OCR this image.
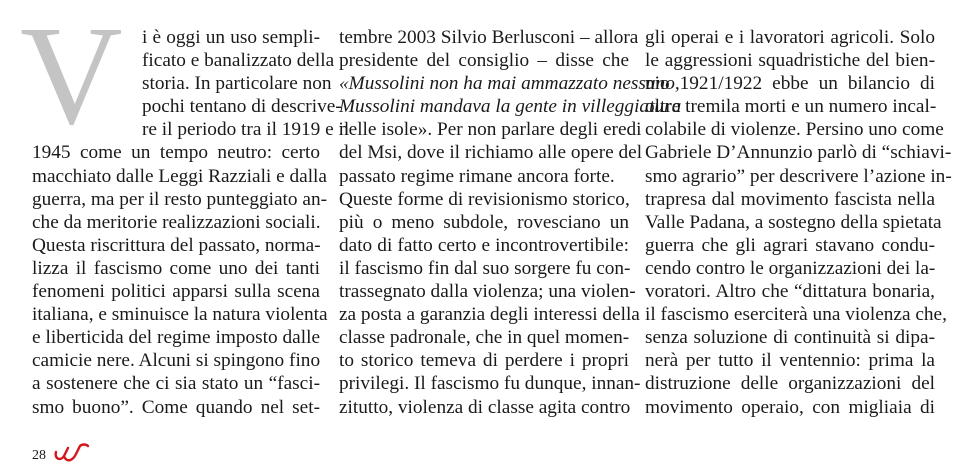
V	i è oggi un uso sempli-
ficato e banalizzato della
storia. In particolare non
pochi tentano di descrive-
re il periodo tra il 1919 e il
1945 come un tempo neutro: certo
macchiato dalle Leggi Razziali e dalla
guerra, ma per il resto punteggiato an-
che da meritorie realizzazioni sociali.
Questa riscrittura del passato, norma-
lizza il fascismo come uno dei tanti
fenomeni politici apparsi sulla scena
italiana, e sminuisce la natura violenta
e liberticida del regime imposto dalle
camicie nere. Alcuni si spingono fino
a sostenere che ci sia stato un “fasci-
smo buono”. Come quando nel set-
tembre 2003 Silvio Berlusconi – allora
presidente del consiglio – disse che
«Mussolini non ha mai ammazzato nessuno,
Mussolini mandava la gente in villeggiatura
nelle isole». Per non parlare degli eredi
del Msi, dove il richiamo alle opere del
passato regime rimane ancora forte.
Queste forme di revisionismo storico,
più o meno subdole, rovesciano un
dato di fatto certo e incontrovertibile:
il fascismo fin dal suo sorgere fu con-
trassegnato dalla violenza; una violen-
za posta a garanzia degli interessi della
classe padronale, che in quel momen-
to storico temeva di perdere i propri
privilegi. Il fascismo fu dunque, innan-
zitutto, violenza di classe agita contro
gli operai e i lavoratori agricoli. Solo
le aggressioni squadristiche del bien-
nio 1921/1922 ebbe un bilancio di
oltre tremila morti e un numero incal-
colabile di violenze. Persino uno come
Gabriele D’Annunzio parlò di “schiavi-
smo agrario” per descrivere l’azione in-
trapresa dal movimento fascista nella
Valle Padana, a sostegno della spietata
guerra che gli agrari stavano condu-
cendo contro le organizzazioni dei la-
voratori. Altro che “dittatura bonaria,
il fascismo eserciterà una violenza che,
senza soluzione di continuità si dipa-
nerà per tutto il ventennio: prima la
distruzione delle organizzazioni del
movimento operaio, con migliaia di
28
